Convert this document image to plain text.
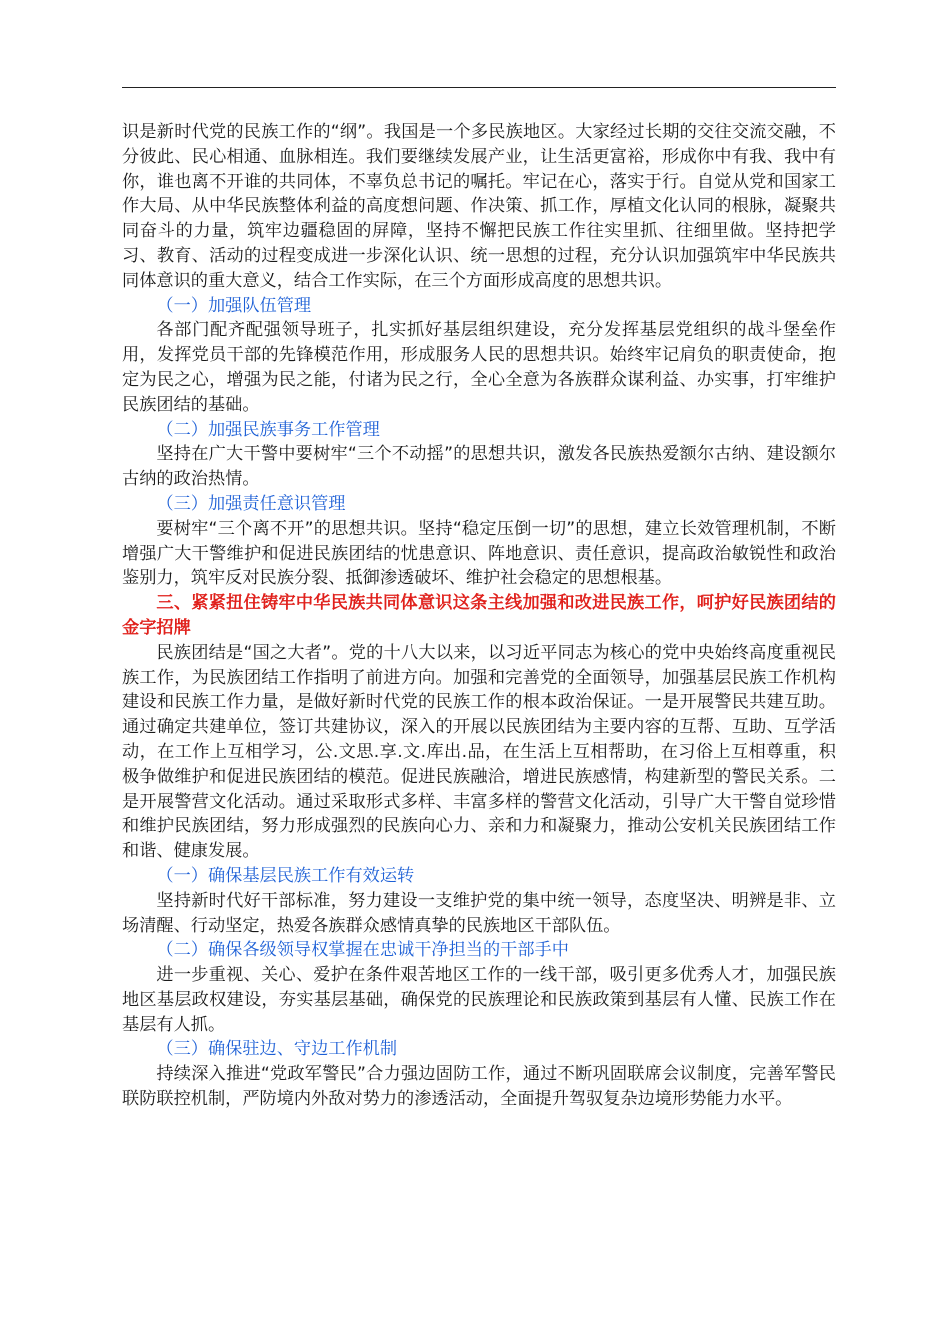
识是新时代党的民族工作的“纲”。我国是一个多民族地区。大家经过长期的交往交流交融，不分彼此、民心相通、血脉相连。我们要继续发展产业，让生活更富裕，形成你中有我、我中有你，谁也离不开谁的共同体，不辜负总书记的嘱托。牢记在心，落实于行。自觉从党和国家工作大局、从中华民族整体利益的高度想问题、作决策、抓工作，厚植文化认同的根脉，凝聚共同奋斗的力量，筑牢边疆稳固的屏障，坚持不懈把民族工作往实里抓、往细里做。坚持把学习、教育、活动的过程变成进一步深化认识、统一思想的过程，充分认识加强筑牢中华民族共同体意识的重大意义，结合工作实际，在三个方面形成高度的思想共识。

（一）加强队伍管理

各部门配齐配强领导班子，扎实抓好基层组织建设，充分发挥基层党组织的战斗堡垒作用，发挥党员干部的先锋模范作用，形成服务人民的思想共识。始终牢记肩负的职责使命，抱定为民之心，增强为民之能，付诸为民之行，全心全意为各族群众谋利益、办实事，打牢维护民族团结的基础。

（二）加强民族事务工作管理

坚持在广大干警中要树牢“三个不动摇”的思想共识，激发各民族热爱额尔古纳、建设额尔古纳的政治热情。

（三）加强责任意识管理

要树牢“三个离不开”的思想共识。坚持“稳定压倒一切”的思想，建立长效管理机制，不断增强广大干警维护和促进民族团结的忧患意识、阵地意识、责任意识，提高政治敏锐性和政治鉴别力，筑牢反对民族分裂、抵御渗透破坏、维护社会稳定的思想根基。

三、紧紧扭住铸牢中华民族共同体意识这条主线加强和改进民族工作，呵护好民族团结的金字招牌

民族团结是“国之大者”。党的十八大以来，以习近平同志为核心的党中央始终高度重视民族工作，为民族团结工作指明了前进方向。加强和完善党的全面领导，加强基层民族工作机构建设和民族工作力量，是做好新时代党的民族工作的根本政治保证。一是开展警民共建互助。通过确定共建单位，签订共建协议，深入的开展以民族团结为主要内容的互帮、互助、互学活动，在工作上互相学习，公.文思.享.文.库出.品，在生活上互相帮助，在习俗上互相尊重，积极争做维护和促进民族团结的模范。促进民族融洽，增进民族感情，构建新型的警民关系。二是开展警营文化活动。通过采取形式多样、丰富多样的警营文化活动，引导广大干警自觉珍惜和维护民族团结，努力形成强烈的民族向心力、亲和力和凝聚力，推动公安机关民族团结工作和谐、健康发展。

（一）确保基层民族工作有效运转

坚持新时代好干部标准，努力建设一支维护党的集中统一领导，态度坚决、明辨是非、立场清醒、行动坚定，热爱各族群众感情真挚的民族地区干部队伍。

（二）确保各级领导权掌握在忠诚干净担当的干部手中

进一步重视、关心、爱护在条件艰苦地区工作的一线干部，吸引更多优秀人才，加强民族地区基层政权建设，夯实基层基础，确保党的民族理论和民族政策到基层有人懂、民族工作在基层有人抓。

（三）确保驻边、守边工作机制

持续深入推进“党政军警民”合力强边固防工作，通过不断巩固联席会议制度，完善军警民联防联控机制，严防境内外敌对势力的渗透活动，全面提升驾驭复杂边境形势能力水平。
